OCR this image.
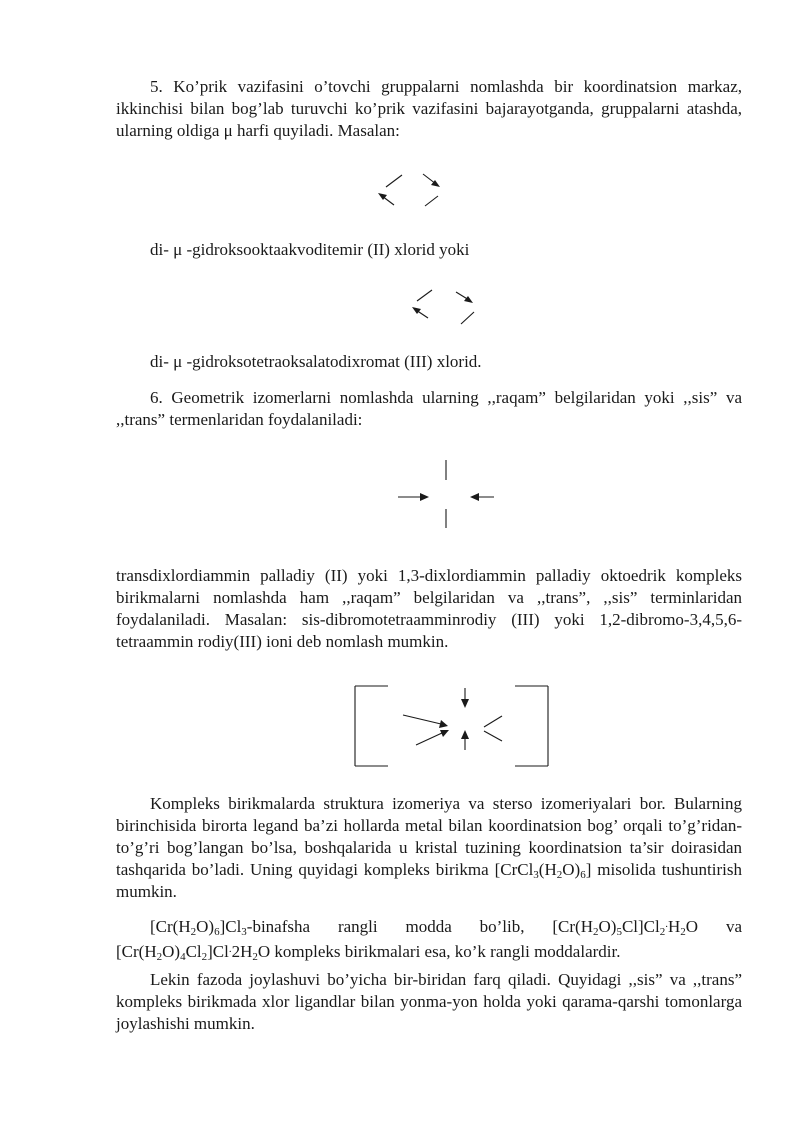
5. Ko’prik vazifasini o’tovchi gruppalarni nomlashda bir koordinatsion markaz, ikkinchisi bilan bog’lab turuvchi ko’prik vazifasini bajarayotganda, gruppalarni atashda, ularning oldiga μ harfi quyiladi. Masalan:

di- μ -gidroksooktaakvoditemir (II) xlorid yoki

di- μ -gidroksotetraoksalatodixromat (III) xlorid.

6. Geometrik izomerlarni nomlashda ularning ,,raqam” belgilaridan yoki ,,sis” va ,,trans” termenlaridan foydalaniladi:

transdixlordiammin palladiy (II) yoki 1,3-dixlordiammin palladiy oktoedrik kompleks birikmalarni nomlashda ham ,,raqam” belgilaridan va ,,trans”, ,,sis” terminlaridan foydalaniladi. Masalan: sis-dibromotetraamminrodiy (III) yoki 1,2-dibromo-3,4,5,6-tetraammin rodiy(III) ioni deb nomlash mumkin.

Kompleks birikmalarda struktura izomeriya va sterso izomeriyalari bor. Bularning birinchisida birorta legand ba’zi hollarda metal bilan koordinatsion bog’ orqali to’g’ridan-to’g’ri bog’langan bo’lsa, boshqalarida u kristal tuzining koordinatsion ta’sir doirasidan tashqarida bo’ladi. Uning quyidagi kompleks birikma $[CrCl_3(H_2O)_6]$ misolida tushuntirish mumkin.

$[Cr(H_2O)_6]Cl_3$-binafsha rangli modda bo’lib, $[Cr(H_2O)_5Cl]Cl_2^.H_2O$ va $[Cr(H_2O)_4Cl_2]Cl^.2H_2O$ kompleks birikmalari esa, ko’k rangli moddalardir.

Lekin fazoda joylashuvi bo’yicha bir-biridan farq qiladi. Quyidagi ,,sis” va ,,trans” kompleks birikmada xlor ligandlar bilan yonma-yon holda yoki qarama-qarshi tomonlarga joylashishi mumkin.
